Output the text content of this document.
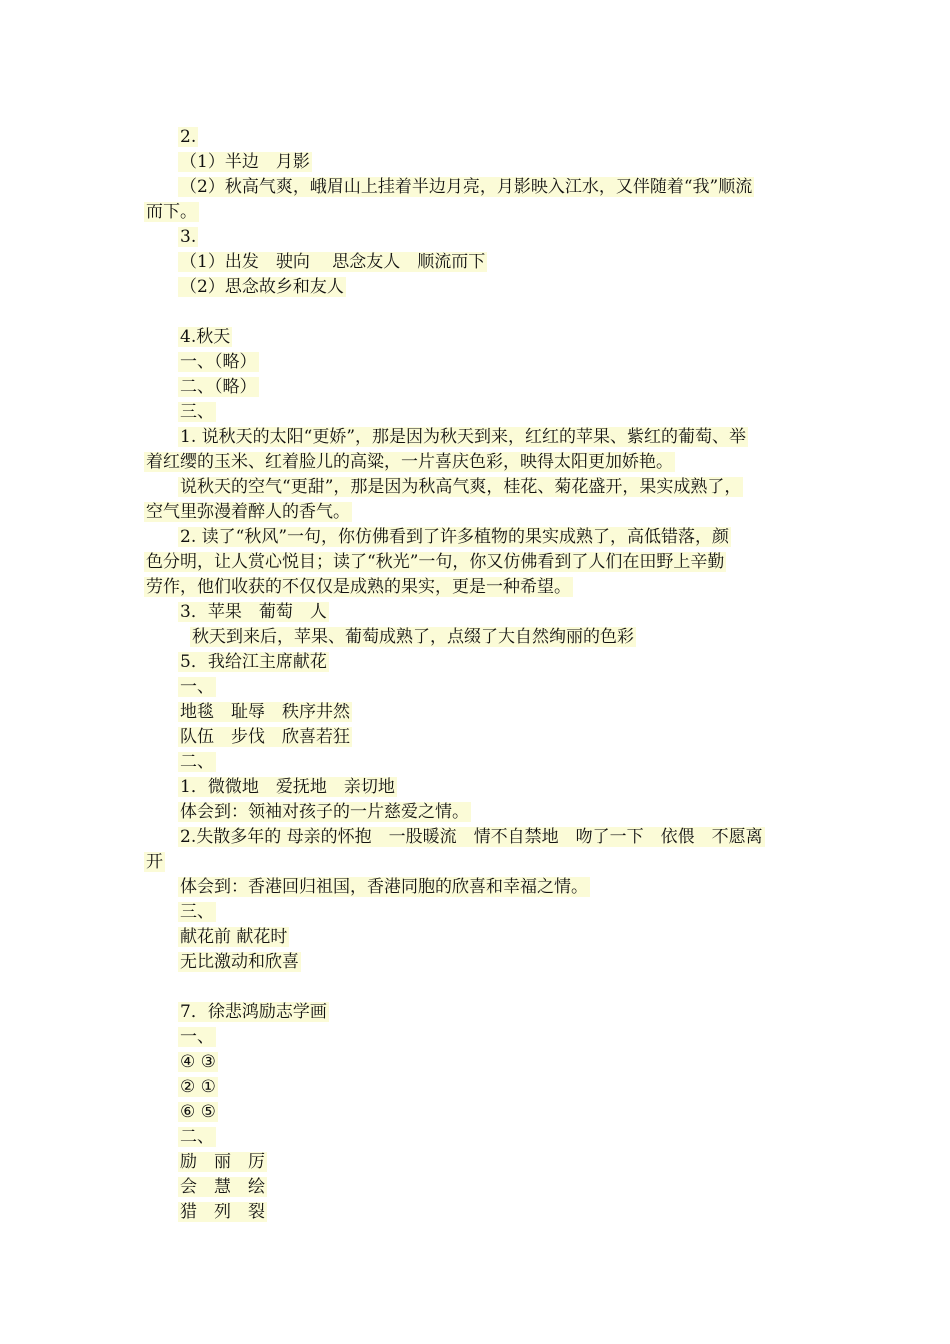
2.
（1）半边　月影
（2）秋高气爽，峨眉山上挂着半边月亮，月影映入江水，又伴随着“我”顺流
而下。
3.
（1）出发　驶向　 思念友人　顺流而下
（2）思念故乡和友人
4.秋天
一、（略）
二、（略）
三、
1. 说秋天的太阳“更娇”，那是因为秋天到来，红红的苹果、紫红的葡萄、举
着红缨的玉米、红着脸儿的高粱，一片喜庆色彩，映得太阳更加娇艳。
说秋天的空气“更甜”，那是因为秋高气爽，桂花、菊花盛开，果实成熟了，
空气里弥漫着醉人的香气。
2. 读了“秋风”一句，你仿佛看到了许多植物的果实成熟了，高低错落，颜
色分明，让人赏心悦目；读了“秋光”一句，你又仿佛看到了人们在田野上辛勤
劳作，他们收获的不仅仅是成熟的果实，更是一种希望。
3．苹果　葡萄　人
秋天到来后，苹果、葡萄成熟了，点缀了大自然绚丽的色彩
5．我给江主席献花
一、
地毯　耻辱　秩序井然
队伍　步伐　欣喜若狂
二、
1．微微地　爱抚地　亲切地
体会到：领袖对孩子的一片慈爱之情。
2.失散多年的 母亲的怀抱　一股暖流　情不自禁地　吻了一下　依偎　不愿离
开
体会到：香港回归祖国，香港同胞的欣喜和幸福之情。
三、
献花前 献花时
无比激动和欣喜
7．徐悲鸿励志学画
一、
④ ③
② ①
⑥ ⑤
二、
励　丽　厉
会　慧　绘
猎　列　裂
